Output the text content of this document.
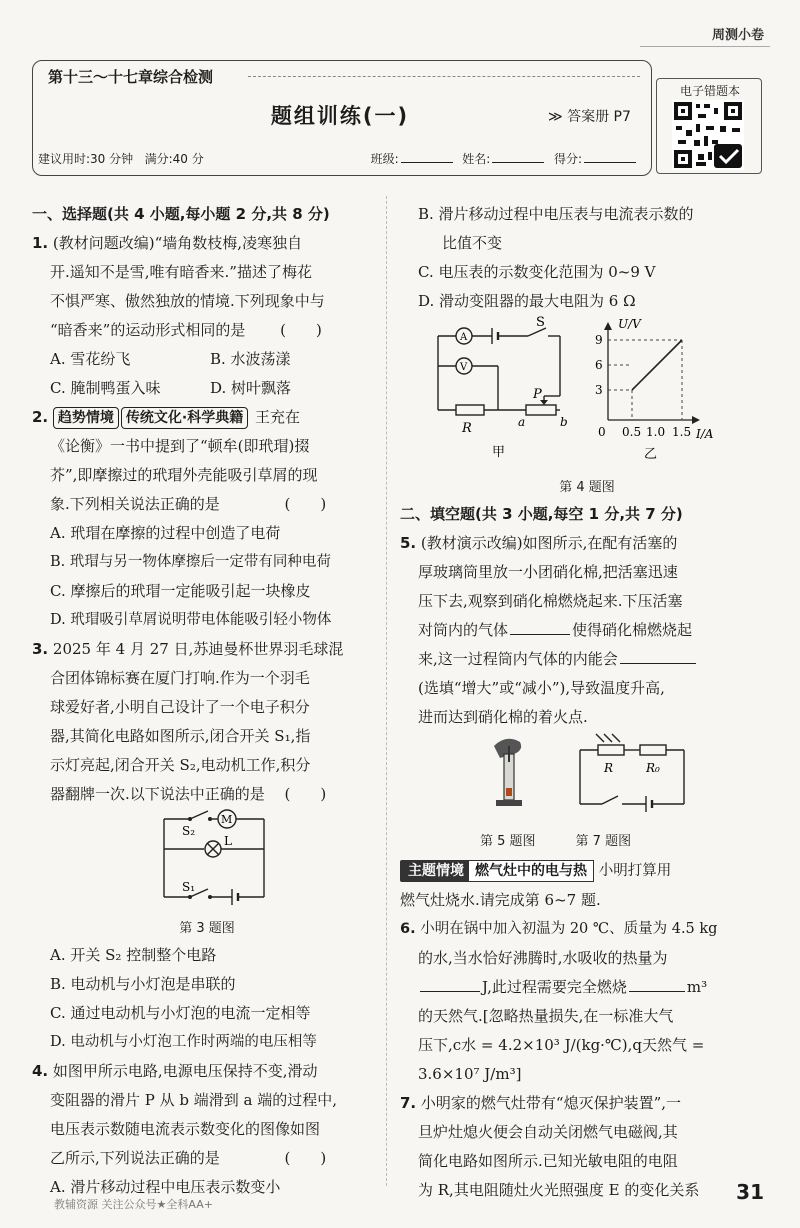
周测小卷
第十三～十七章综合检测
题组训练(一)	≫ 答案册 P7
建议用时:30 分钟 满分:40 分	班级:	姓名:	得分:
电子错题本

一、选择题(共 4 小题,每小题 2 分,共 8 分)

1. (教材问题改编)“墙角数枝梅,凌寒独自

开.遥知不是雪,唯有暗香来.”描述了梅花

不惧严寒、傲然独放的情境.下列现象中与

“暗香来”的运动形式相同的是 　　(　　)

A. 雪花纷飞	B. 水波荡漾

C. 腌制鸭蛋入味	D. 树叶飘落

2. 趋势情境 传统文化·科学典籍 王充在

《论衡》一书中提到了“顿牟(即玳瑁)掇

芥”,即摩擦过的玳瑁外壳能吸引草屑的现

象.下列相关说法正确的是 　　　　(　　)

A. 玳瑁在摩擦的过程中创造了电荷

B. 玳瑁与另一物体摩擦后一定带有同种电荷

C. 摩擦后的玳瑁一定能吸引起一块橡皮

D. 玳瑁吸引草屑说明带电体能吸引轻小物体

3. 2025 年 4 月 27 日,苏迪曼杯世界羽毛球混

合团体锦标赛在厦门打响.作为一个羽毛

球爱好者,小明自己设计了一个电子积分

器,其简化电路如图所示,闭合开关 S₁,指

示灯亮起,闭合开关 S₂,电动机工作,积分

器翻牌一次.以下说法中正确的是 　(　　)

M
S₂
L
S₁

第 3 题图

A. 开关 S₂ 控制整个电路

B. 电动机与小灯泡是串联的

C. 通过电动机与小灯泡的电流一定相等

D. 电动机与小灯泡工作时两端的电压相等

4. 如图甲所示电路,电源电压保持不变,滑动

变阻器的滑片 P 从 b 端滑到 a 端的过程中,

电压表示数随电流表示数变化的图像如图

乙所示,下列说法正确的是 　　　　(　　)

A. 滑片移动过程中电压表示数变小

B. 滑片移动过程中电压表与电流表示数的

比值不变

C. 电压表的示数变化范围为 0~9 V

D. 滑动变阻器的最大电阻为 6 Ω

A
V
S
P
R	a	b
甲
U/V
I/A
9
6
3
0 0.5 1.0 1.5
乙

第 4 题图

二、填空题(共 3 小题,每空 1 分,共 7 分)

5. (教材演示改编)如图所示,在配有活塞的

厚玻璃筒里放一小团硝化棉,把活塞迅速

压下去,观察到硝化棉燃烧起来.下压活塞

对筒内的气体	使得硝化棉燃烧起

来,这一过程筒内气体的内能会

(选填“增大”或“减小”),导致温度升高,

进而达到硝化棉的着火点.

R	R₀

第 5 题图	第 7 题图

主题情境 燃气灶中的电与热 小明打算用

燃气灶烧水.请完成第 6~7 题.

6. 小明在锅中加入初温为 20 ℃、质量为 4.5 kg

的水,当水恰好沸腾时,水吸收的热量为

J,此过程需要完全燃烧	m³

的天然气.[忽略热量损失,在一标准大气

压下,c水 = 4.2×10³ J/(kg·℃),q天然气 =

3.6×10⁷ J/m³]

7. 小明家的燃气灶带有“熄灭保护装置”,一

旦炉灶熄火便会自动关闭燃气电磁阀,其

简化电路如图所示.已知光敏电阻的电阻

为 R,其电阻随灶火光照强度 E 的变化关系	31
教辅资源 关注公众号★全科AA+
